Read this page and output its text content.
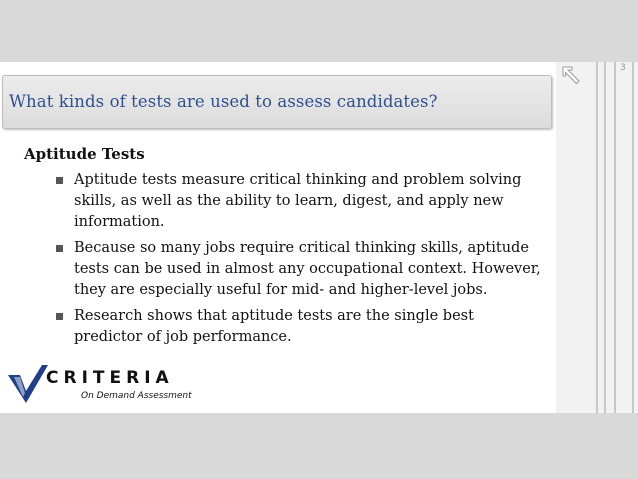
3
What kinds of tests are used to assess candidates?
Aptitude Tests
Aptitude tests measure critical thinking and problem solving skills, as well as the ability to learn, digest, and apply new information.
Because so many jobs require critical thinking skills, aptitude tests can be used in almost any occupational context. However, they are especially useful for mid- and higher-level jobs.
Research shows that aptitude tests are the single best predictor of job performance.
CRITERIA
On Demand Assessment
